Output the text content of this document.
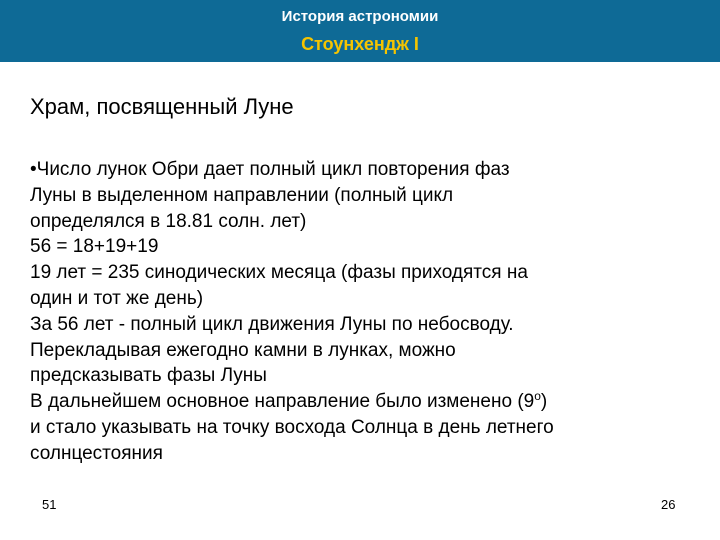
История астрономии
Стоунхендж I
Храм, посвященный Луне
•Число лунок Обри дает полный цикл повторения фаз
Луны в выделенном направлении (полный цикл
определялся в 18.81 солн. лет)
56 = 18+19+19
19 лет = 235 синодических месяца (фазы приходятся на
один и тот же день)
За 56 лет - полный цикл движения Луны по небосводу.
Перекладывая ежегодно камни в лунках, можно
предсказывать фазы Луны
В дальнейшем основное направление было изменено (9$^o$)
и стало указывать на точку восхода Солнца в день летнего
солнцестояния
51	26
